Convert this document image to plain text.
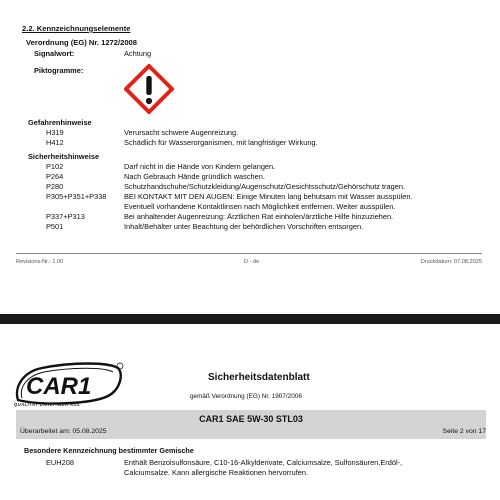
2.2. Kennzeichnungselemente
Verordnung (EG) Nr. 1272/2008
Signalwort:	Achtung
Piktogramme:
Gefahrenhinweise
H319	Verursacht schwere Augenreizung.
H412	Schädlich für Wasserorganismen, mit langfristiger Wirkung.
Sicherheitshinweise
P102	Darf nicht in die Hände von Kindern gelangen.
P264	Nach Gebrauch Hände gründlich waschen.
P280	Schutzhandschuhe/Schutzkleidung/Augenschutz/Gesichtsschutz/Gehörschutz tragen.
P305+P351+P338 BEI KONTAKT MIT DEN AUGEN: Einige Minuten lang behutsam mit Wasser ausspülen.
Eventuell vorhandene Kontaktlinsen nach Möglichkeit entfernen. Weiter ausspülen.
P337+P313	Bei anhaltender Augenreizung: Ärztlichen Rat einholen/ärztliche Hilfe hinzuziehen.
P501	Inhalt/Behälter unter Beachtung der behördlichen Vorschriften entsorgen.
Revisions-Nr.: 1.00	D - de	Druckdatum: 07.08.2025
CAR1
QUALITÄT ZAHLT SICH AUS
Sicherheitsdatenblatt
gemäß Verordnung (EG) Nr. 1907/2006
CAR1 SAE 5W-30 STL03
Überarbeitet am: 05.08.2025	Seite 2 von 17
Besondere Kennzeichnung bestimmter Gemische
EUH208	Enthält Benzolsulfonsäure, C10-16-Alkylderivate, Calciumsalze, Sulfonsäuren,Erdöl-,
Calciumsalze. Kann allergische Reaktionen hervorrufen.
